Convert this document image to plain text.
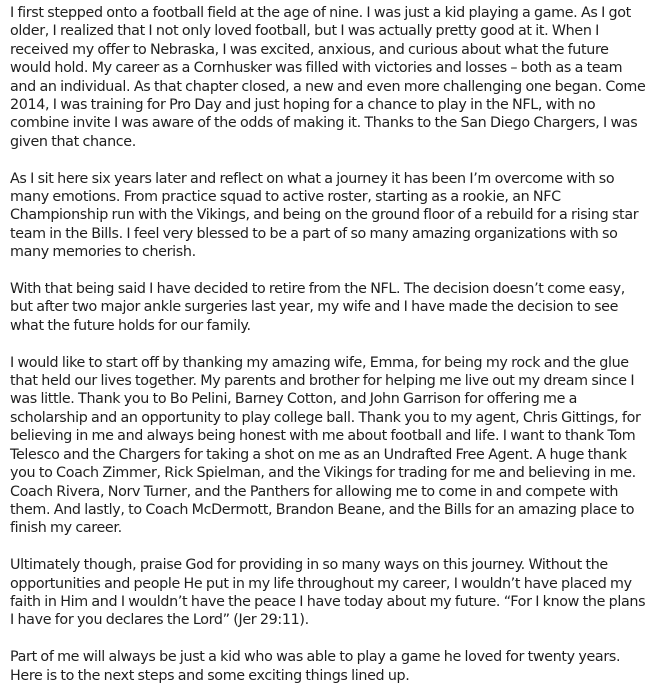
I first stepped onto a football field at the age of nine. I was just a kid playing a game. As I got older, I realized that I not only loved football, but I was actually pretty good at it. When I received my offer to Nebraska, I was excited, anxious, and curious about what the future would hold. My career as a Cornhusker was filled with victories and losses – both as a team and an individual. As that chapter closed, a new and even more challenging one began. Come 2014, I was training for Pro Day and just hoping for a chance to play in the NFL, with no combine invite I was aware of the odds of making it. Thanks to the San Diego Chargers, I was given that chance.

As I sit here six years later and reflect on what a journey it has been I’m overcome with so many emotions. From practice squad to active roster, starting as a rookie, an NFC Championship run with the Vikings, and being on the ground floor of a rebuild for a rising star team in the Bills. I feel very blessed to be a part of so many amazing organizations with so many memories to cherish.

With that being said I have decided to retire from the NFL. The decision doesn’t come easy, but after two major ankle surgeries last year, my wife and I have made the decision to see what the future holds for our family.

I would like to start off by thanking my amazing wife, Emma, for being my rock and the glue that held our lives together. My parents and brother for helping me live out my dream since I was little. Thank you to Bo Pelini, Barney Cotton, and John Garrison for offering me a scholarship and an opportunity to play college ball. Thank you to my agent, Chris Gittings, for believing in me and always being honest with me about football and life. I want to thank Tom Telesco and the Chargers for taking a shot on me as an Undrafted Free Agent. A huge thank you to Coach Zimmer, Rick Spielman, and the Vikings for trading for me and believing in me. Coach Rivera, Norv Turner, and the Panthers for allowing me to come in and compete with them. And lastly, to Coach McDermott, Brandon Beane, and the Bills for an amazing place to finish my career.

Ultimately though, praise God for providing in so many ways on this journey. Without the opportunities and people He put in my life throughout my career, I wouldn’t have placed my faith in Him and I wouldn’t have the peace I have today about my future. “For I know the plans I have for you declares the Lord” (Jer 29:11).

Part of me will always be just a kid who was able to play a game he loved for twenty years. Here is to the next steps and some exciting things lined up.
